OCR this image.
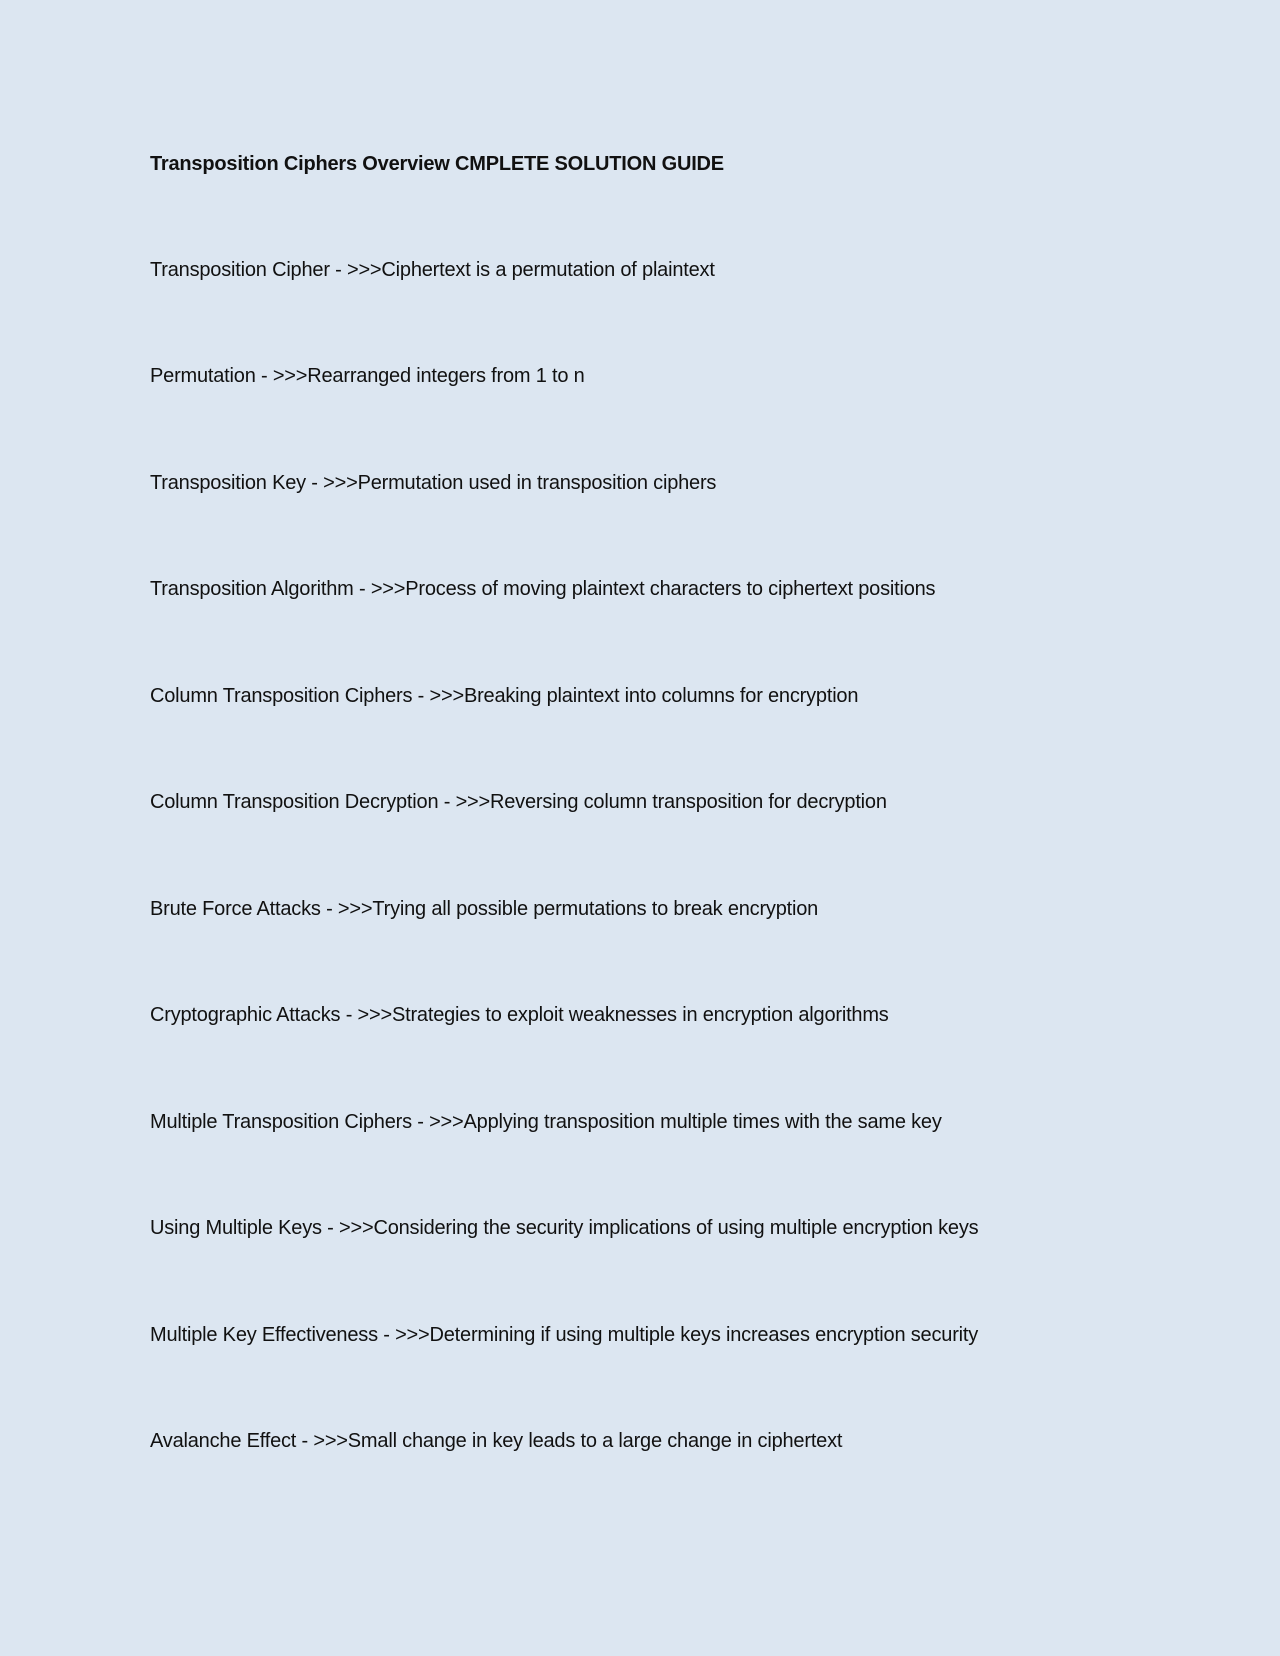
Transposition Ciphers Overview CMPLETE SOLUTION GUIDE
Transposition Cipher - >>>Ciphertext is a permutation of plaintext
Permutation - >>>Rearranged integers from 1 to n
Transposition Key - >>>Permutation used in transposition ciphers
Transposition Algorithm - >>>Process of moving plaintext characters to ciphertext positions
Column Transposition Ciphers - >>>Breaking plaintext into columns for encryption
Column Transposition Decryption - >>>Reversing column transposition for decryption
Brute Force Attacks - >>>Trying all possible permutations to break encryption
Cryptographic Attacks - >>>Strategies to exploit weaknesses in encryption algorithms
Multiple Transposition Ciphers - >>>Applying transposition multiple times with the same key
Using Multiple Keys - >>>Considering the security implications of using multiple encryption keys
Multiple Key Effectiveness - >>>Determining if using multiple keys increases encryption security
Avalanche Effect - >>>Small change in key leads to a large change in ciphertext
